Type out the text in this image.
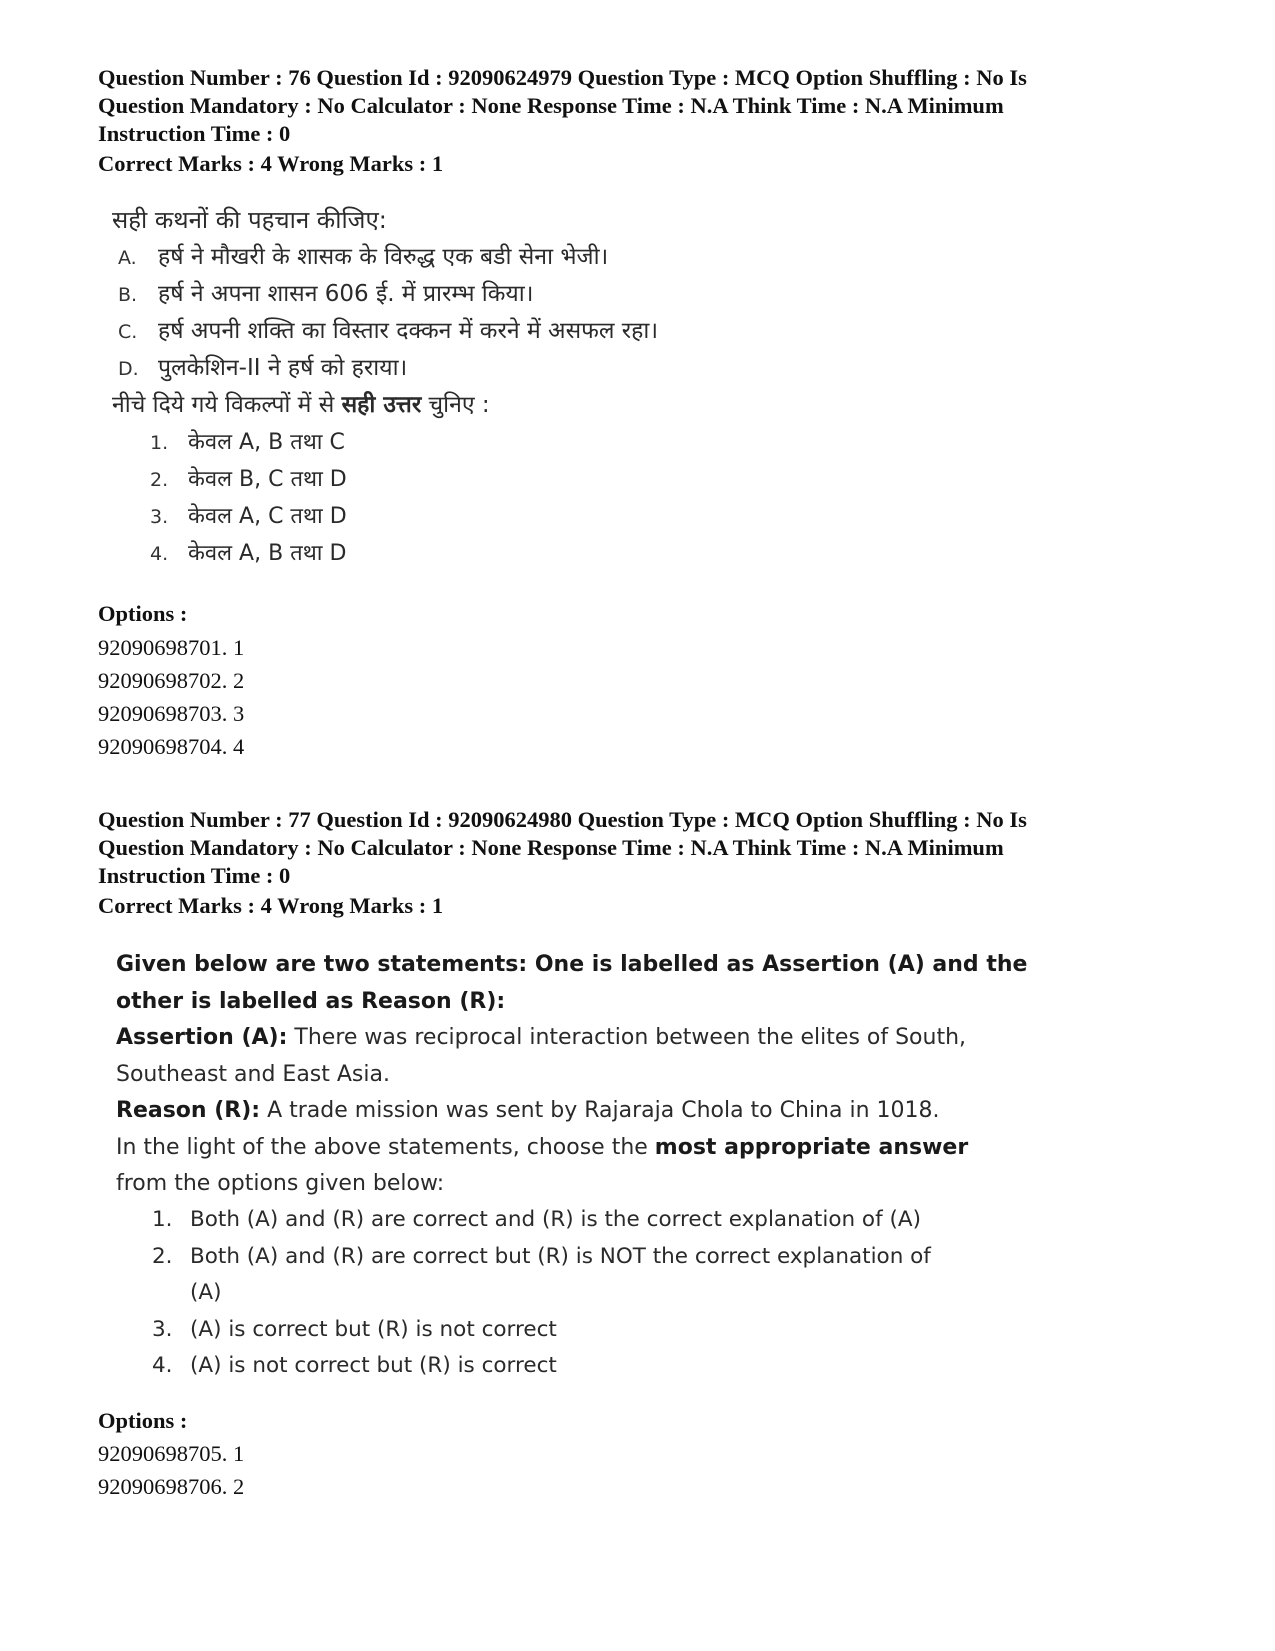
Question Number : 76 Question Id : 92090624979 Question Type : MCQ Option Shuffling : No Is
Question Mandatory : No Calculator : None Response Time : N.A Think Time : N.A Minimum
Instruction Time : 0
Correct Marks : 4 Wrong Marks : 1
सही कथनों की पहचान कीजिए:
A. हर्ष ने मौखरी के शासक के विरुद्ध एक बडी सेना भेजी।
B. हर्ष ने अपना शासन 606 ई. में प्रारम्भ किया।
C. हर्ष अपनी शक्ति का विस्तार दक्कन में करने में असफल रहा।
D. पुलकेशिन-II ने हर्ष को हराया।
नीचे दिये गये विकल्पों में से सही उत्तर चुनिए :
1. केवल A, B तथा C
2. केवल B, C तथा D
3. केवल A, C तथा D
4. केवल A, B तथा D
Options :
92090698701. 1
92090698702. 2
92090698703. 3
92090698704. 4
Question Number : 77 Question Id : 92090624980 Question Type : MCQ Option Shuffling : No Is
Question Mandatory : No Calculator : None Response Time : N.A Think Time : N.A Minimum
Instruction Time : 0
Correct Marks : 4 Wrong Marks : 1
Given below are two statements: One is labelled as Assertion (A) and the
other is labelled as Reason (R):
Assertion (A): There was reciprocal interaction between the elites of South,
Southeast and East Asia.
Reason (R): A trade mission was sent by Rajaraja Chola to China in 1018.
In the light of the above statements, choose the most appropriate answer
from the options given below:
1. Both (A) and (R) are correct and (R) is the correct explanation of (A)
2. Both (A) and (R) are correct but (R) is NOT the correct explanation of
(A)
3. (A) is correct but (R) is not correct
4. (A) is not correct but (R) is correct
Options :
92090698705. 1
92090698706. 2
